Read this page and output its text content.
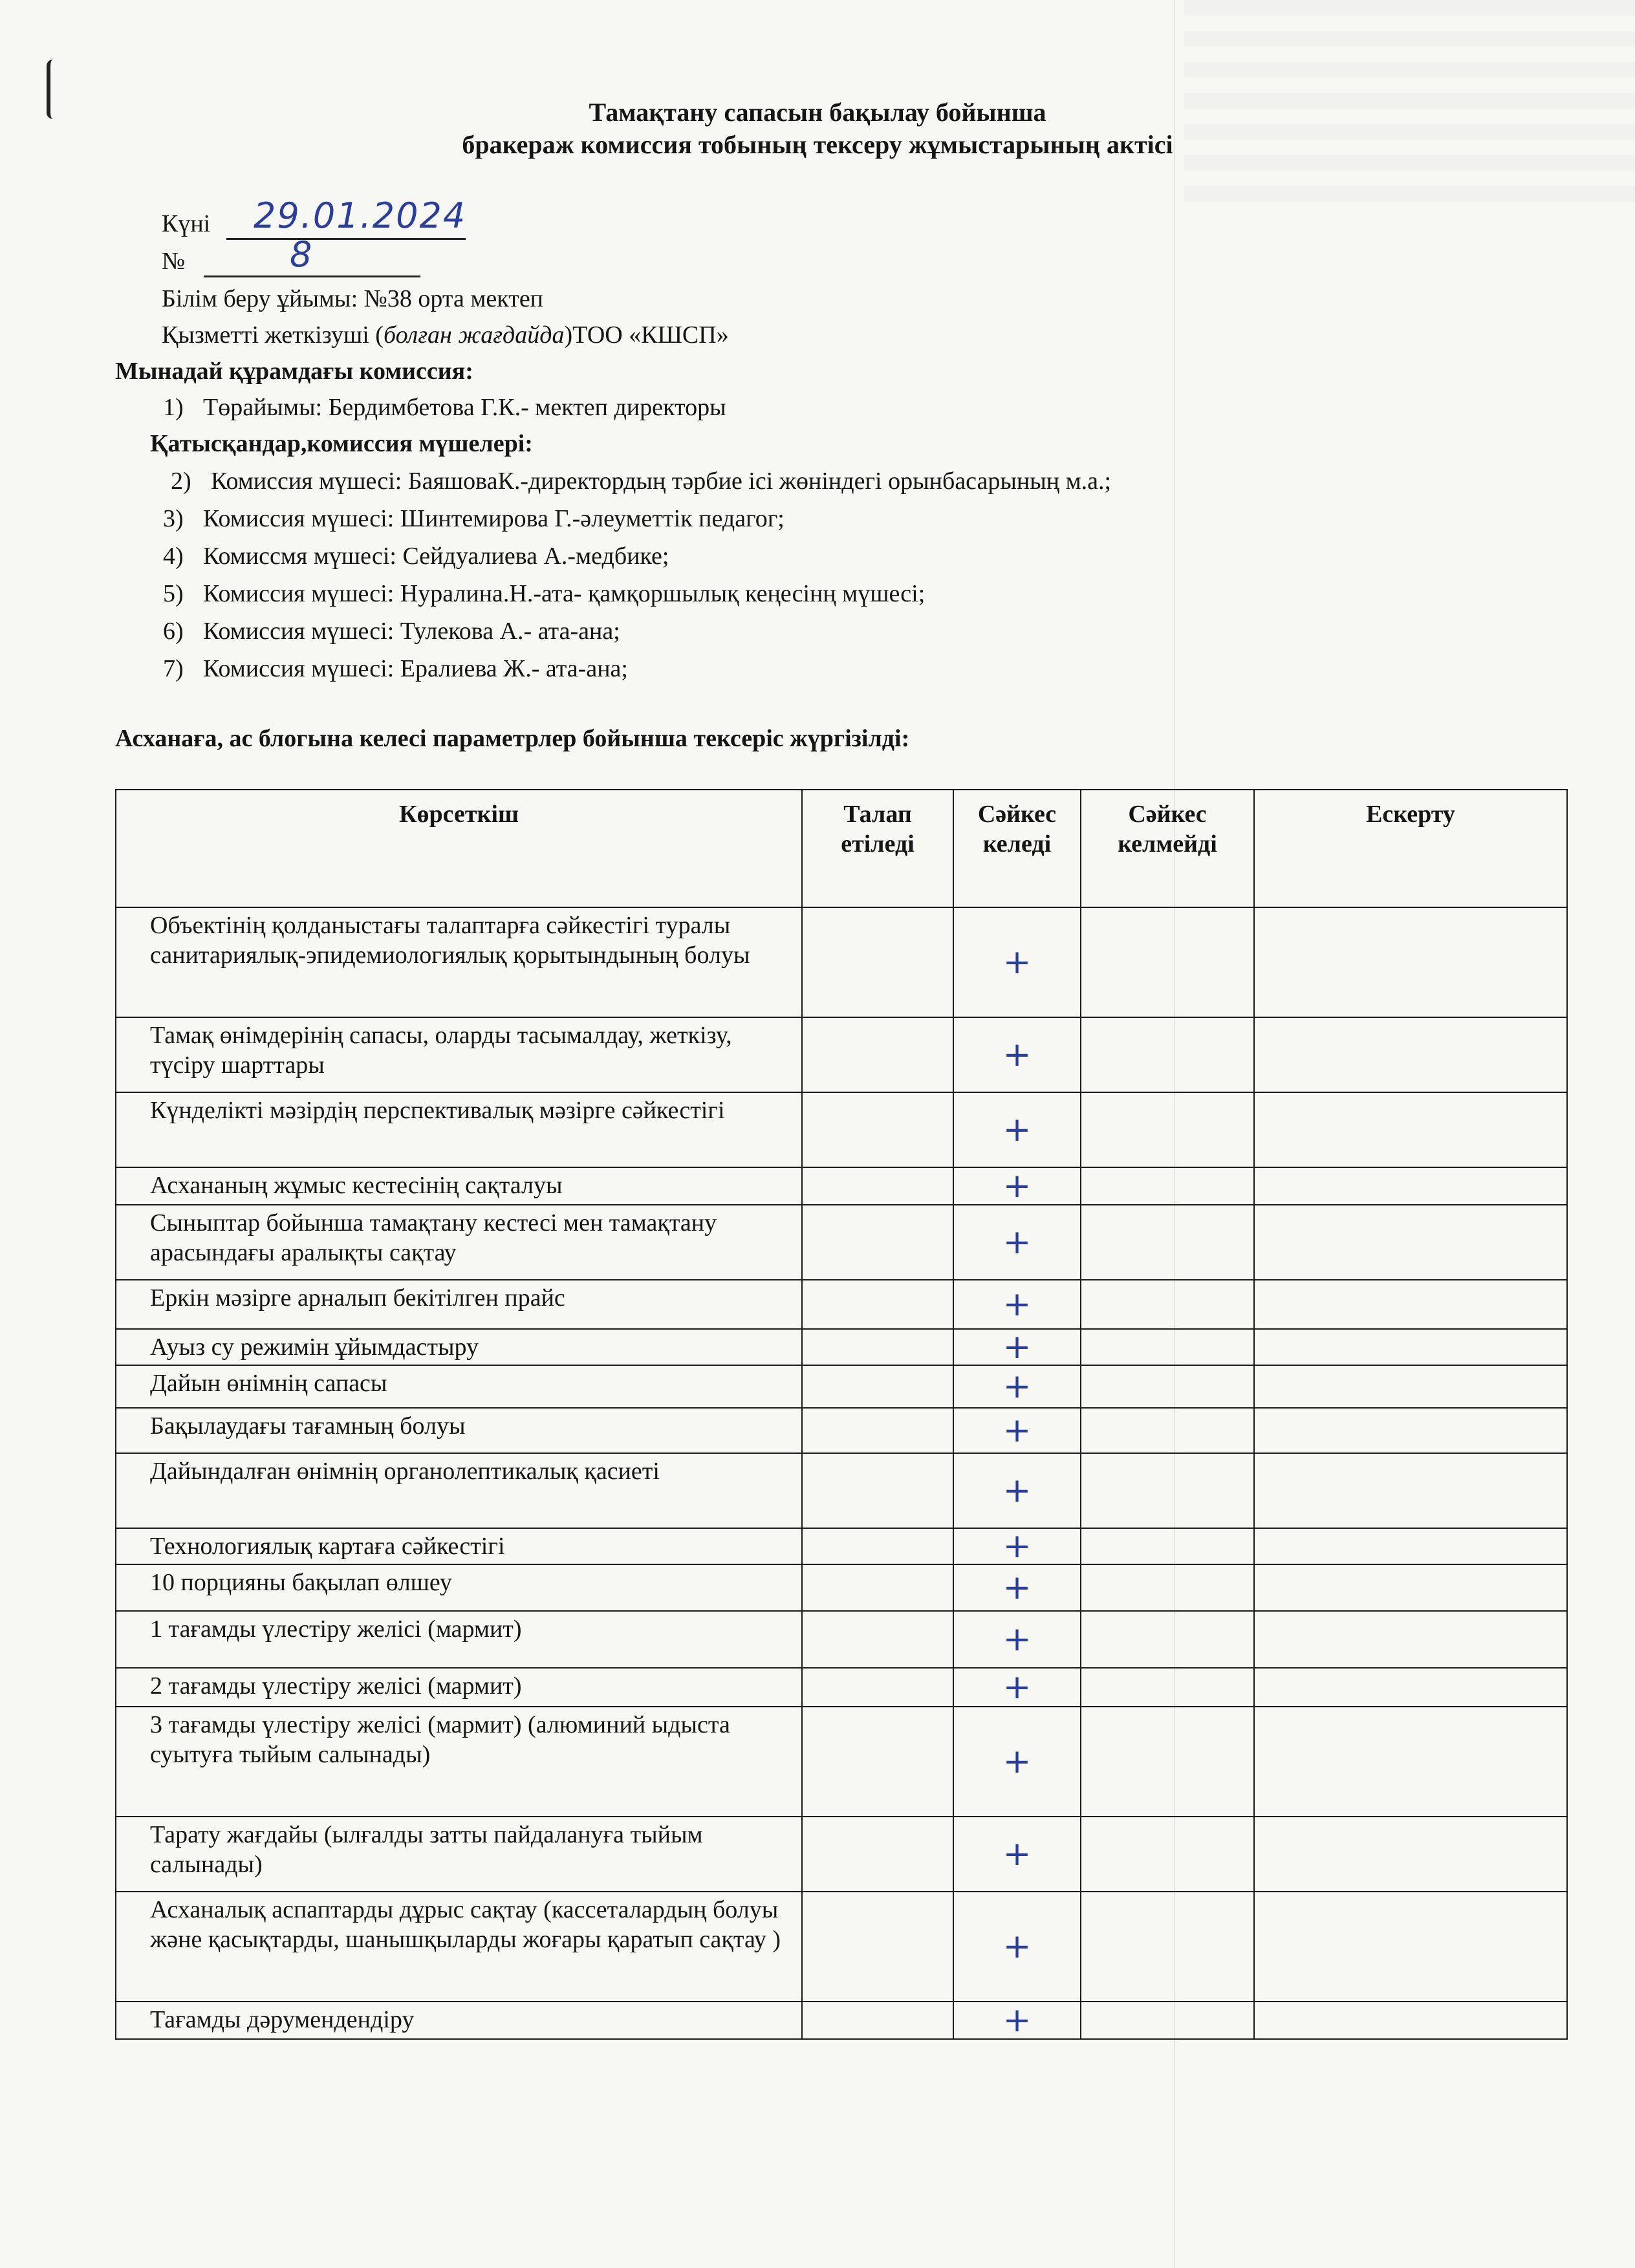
Тамақтану сапасын бақылау бойынша
бракераж комиссия тобының тексеру жұмыстарының актісі
Күні 29.01.2024
№	8
Білім беру ұйымы: №38 орта мектеп
Қызметті жеткізуші (болған жағдайда)ТОО «КШСП»
Мынадай құрамдағы комиссия:
1) Төрайымы: Бердимбетова Г.К.- мектеп директоры
Қатысқандар,комиссия мүшелері:
2) Комиссия мүшесі: БаяшоваК.-директордың тәрбие ісі жөніндегі орынбасарының м.а.;
3) Комиссия мүшесі: Шинтемирова Г.-әлеуметтік педагог;
4) Комиссмя мүшесі: Сейдуалиева А.-медбике;
5) Комиссия мүшесі: Нуралина.Н.-ата- қамқоршылық кеңесінң мүшесі;
6) Комиссия мүшесі: Тулекова А.- ата-ана;
7) Комиссия мүшесі: Ералиева Ж.- ата-ана;
Асханаға, ас блогына келесі параметрлер бойынша тексеріс жүргізілді:
Көрсеткіш	Талап етіледі	Сәйкес келеді	Сәйкес келмейді	Ескерту
Объектінің қолданыстағы талаптарға сәйкестігі туралы санитариялық-эпидемиологиялық қорытындының болуы		+		
Тамақ өнімдерінің сапасы, оларды тасымалдау, жеткізу, түсіру шарттары		+		
Күнделікті мәзірдің перспективалық мәзірге сәйкестігі		+		
Асхананың жұмыс кестесінің сақталуы		+		
Сыныптар бойынша тамақтану кестесі мен тамақтану арасындағы аралықты сақтау		+		
Еркін мәзірге арналып бекітілген прайс		+		
Ауыз су режимін ұйымдастыру		+		
Дайын өнімнің сапасы		+		
Бақылаудағы тағамның болуы		+		
Дайындалған өнімнің органолептикалық қасиеті		+		
Технологиялық картаға сәйкестігі		+		
10 порцияны бақылап өлшеу		+		
1 тағамды үлестіру желісі (мармит)		+		
2 тағамды үлестіру желісі (мармит)		+		
3 тағамды үлестіру желісі (мармит) (алюминий ыдыста суытуға тыйым салынады)		+		
Тарату жағдайы (ылғалды затты пайдалануға тыйым салынады)		+		
Асханалық аспаптарды дұрыс сақтау (кассеталардың болуы және қасықтарды, шанышқыларды жоғары қаратып сақтау )		+		
Тағамды дәрумендендіру		+		
